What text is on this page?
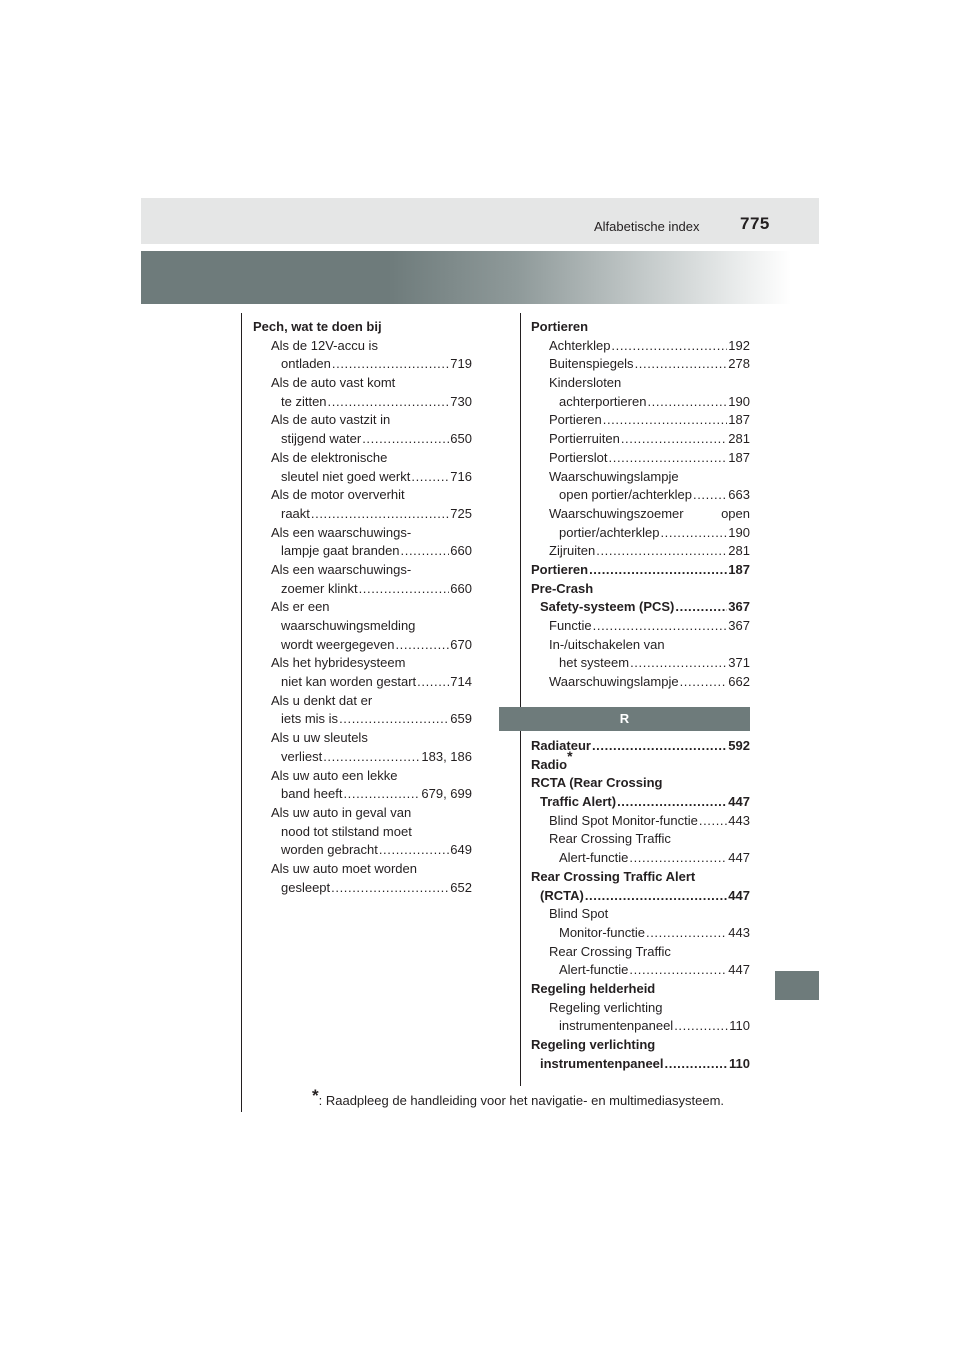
Alfabetische index 775
Pech, wat te doen bij
Als de 12V-accu is
ontladen .....	719
Als de auto vast komt
te zitten .....	730
Als de auto vastzit in
stijgend water .....	650
Als de elektronische
sleutel niet goed werkt .....	716
Als de motor oververhit
raakt .....	725
Als een waarschuwings-
lampje gaat branden .....	660
Als een waarschuwings-
zoemer klinkt .....	660
Als er een
waarschuwingsmelding
wordt weergegeven .....	670
Als het hybridesysteem
niet kan worden gestart .....	714
Als u denkt dat er
iets mis is .....	659
Als u uw sleutels
verliest .....	183, 186
Als uw auto een lekke
band heeft .....	679, 699
Als uw auto in geval van
nood tot stilstand moet
worden gebracht .....	649
Als uw auto moet worden
gesleept .....	652
Portieren
Achterklep .....	192
Buitenspiegels .....	278
Kindersloten
achterportieren .....	190
Portieren .....	187
Portierruiten .....	281
Portierslot .....	187
Waarschuwingslampje
open portier/achterklep .....	663
Waarschuwingszoemer	open
portier/achterklep .....	190
Zijruiten .....	281
Portieren .....	187
Pre-Crash
Safety-systeem (PCS) .....	367
Functie .....	367
In-/uitschakelen van
het systeem .....	371
Waarschuwingslampje .....	662
R
Radiateur .....	592
Radio*
RCTA (Rear Crossing
Traffic Alert) .....	447
Blind Spot Monitor-functie ..... 443
Rear Crossing Traffic
Alert-functie .....	447
Rear Crossing Traffic Alert
(RCTA) .....	447
Blind Spot
Monitor-functie .....	443
Rear Crossing Traffic
Alert-functie .....	447
Regeling helderheid
Regeling verlichting
instrumentenpaneel .....	110
Regeling verlichting
instrumentenpaneel .....	110
*: Raadpleeg de handleiding voor het navigatie- en multimediasysteem.
